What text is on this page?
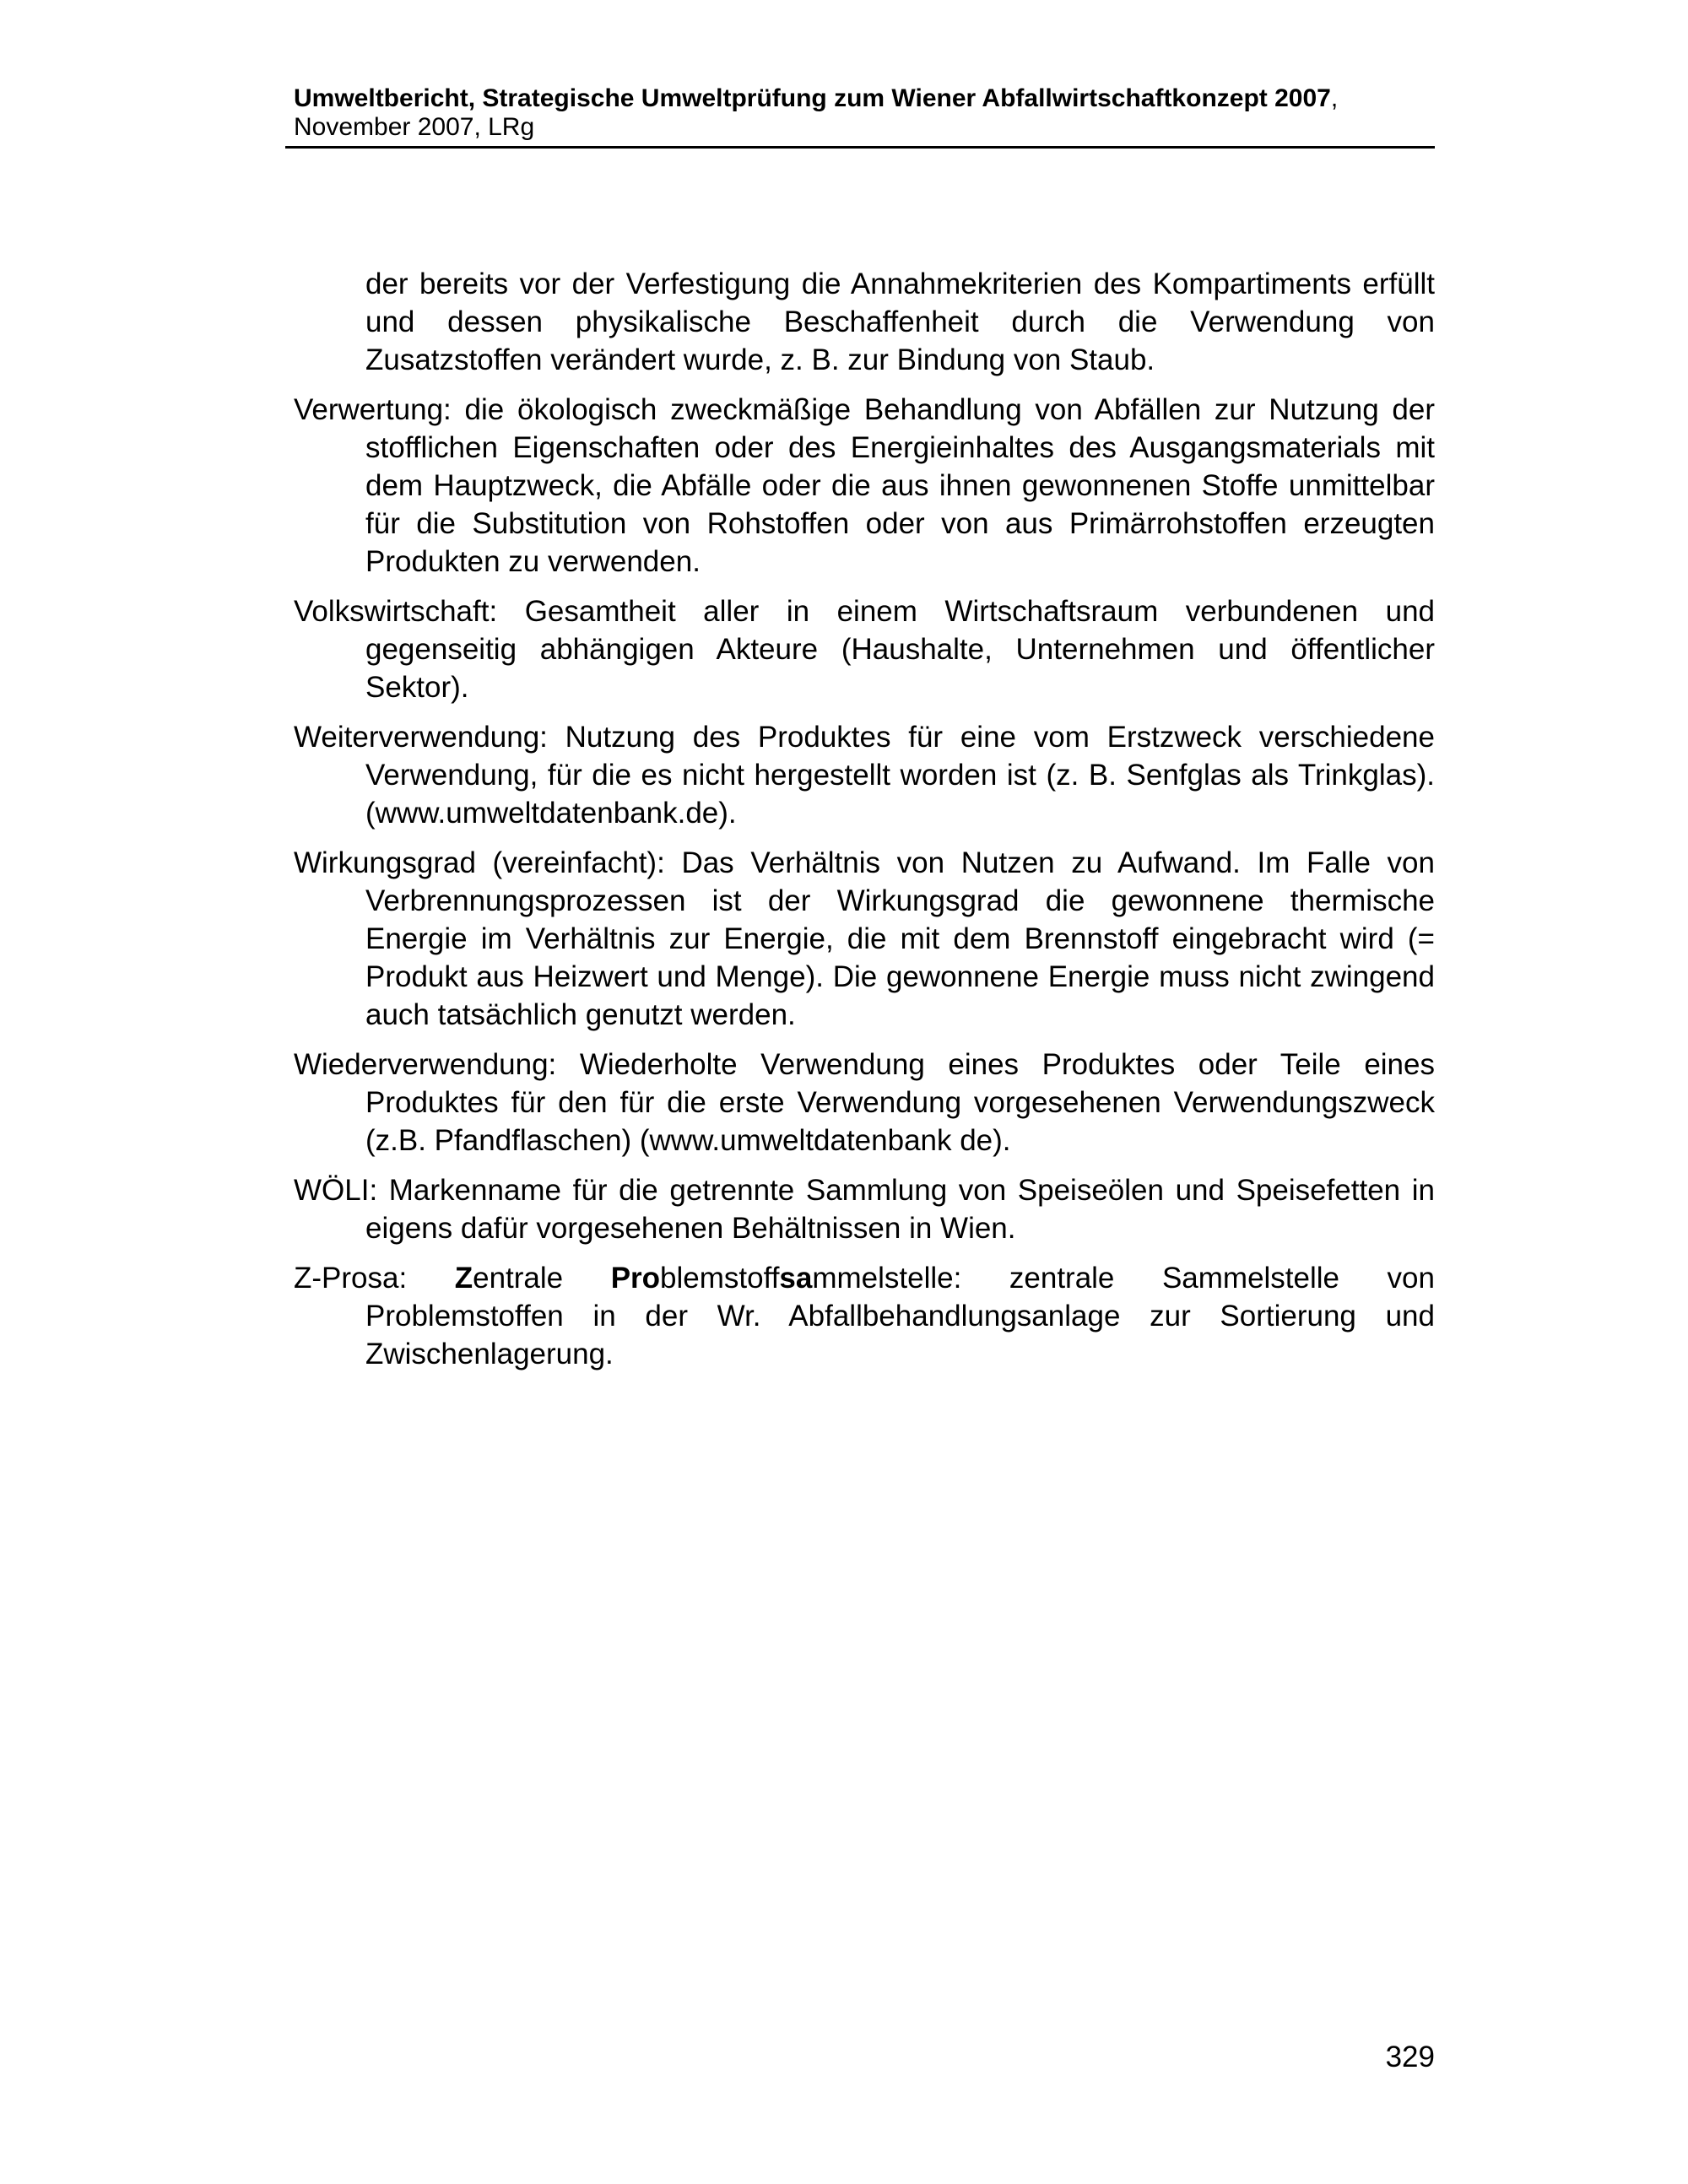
Umweltbericht, Strategische Umweltprüfung zum Wiener Abfallwirtschaftkonzept 2007,
November 2007, LRg

der bereits vor der Verfestigung die Annahmekriterien des Kompartiments erfüllt und dessen physikalische Beschaffenheit durch die Verwendung von Zusatzstoffen verändert wurde, z. B. zur Bindung von Staub.

Verwertung: die ökologisch zweckmäßige Behandlung von Abfällen zur Nutzung der stofflichen Eigenschaften oder des Energieinhaltes des Ausgangsmaterials mit dem Hauptzweck, die Abfälle oder die aus ihnen gewonnenen Stoffe unmittelbar für die Substitution von Rohstoffen oder von aus Primärrohstoffen erzeugten Produkten zu verwenden.

Volkswirtschaft: Gesamtheit aller in einem Wirtschaftsraum verbundenen und gegenseitig abhängigen Akteure (Haushalte, Unternehmen und öffentlicher Sektor).

Weiterverwendung: Nutzung des Produktes für eine vom Erstzweck verschiedene Verwendung, für die es nicht hergestellt worden ist (z. B. Senfglas als Trinkglas). (www.umweltdatenbank.de).

Wirkungsgrad (vereinfacht): Das Verhältnis von Nutzen zu Aufwand. Im Falle von Verbrennungsprozessen ist der Wirkungsgrad die gewonnene thermische Energie im Verhältnis zur Energie, die mit dem Brennstoff eingebracht wird (= Produkt aus Heizwert und Menge). Die gewonnene Energie muss nicht zwingend auch tatsächlich genutzt werden.

Wiederverwendung: Wiederholte Verwendung eines Produktes oder Teile eines Produktes für den für die erste Verwendung vorgesehenen Verwendungszweck (z.B. Pfandflaschen) (www.umweltdatenbank de).

WÖLI: Markenname für die getrennte Sammlung von Speiseölen und Speisefetten in eigens dafür vorgesehenen Behältnissen in Wien.

Z-Prosa: Zentrale Problemstoffsammelstelle: zentrale Sammelstelle von Problemstoffen in der Wr. Abfallbehandlungsanlage zur Sortierung und Zwischenlagerung.

329
